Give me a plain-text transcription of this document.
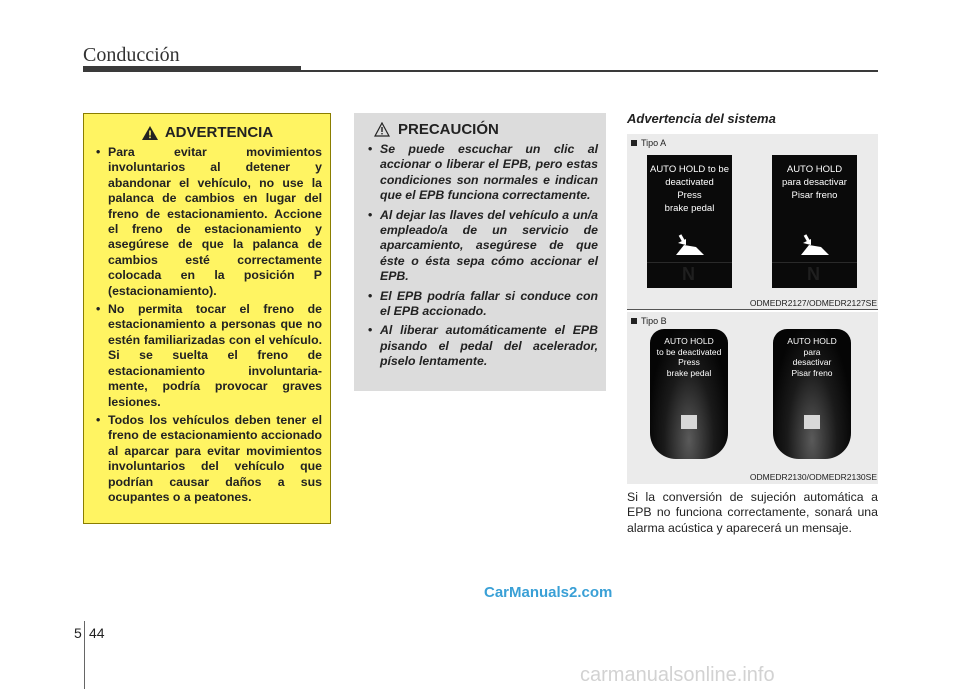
Conducción
ADVERTENCIA
• Para evitar movimientos involuntarios al detener y abandonar el vehículo, no use la palanca de cambios en lugar del freno de estacionamiento. Accione el freno de estacionamiento y asegúrese de que la palanca de cambios esté correctamente colocada en la posición P (estacionamiento).
• No permita tocar el freno de estacionamiento a personas que no estén familiarizadas con el vehículo. Si se suelta el freno de estacionamiento involuntaria- mente, podría provocar graves lesiones.
• Todos los vehículos deben tener el freno de estacionamiento accionado al aparcar para evitar movimientos involuntarios del vehículo que podrían causar daños a sus ocupantes o a peatones.
PRECAUCIÓN
• Se puede escuchar un clic al accionar o liberar el EPB, pero estas condiciones son normales e indican que el EPB funciona correctamente.
• Al dejar las llaves del vehículo a un/a empleado/a de un servicio de aparcamiento, asegúrese de que éste o ésta sepa cómo accionar el EPB.
• El EPB podría fallar si conduce con el EPB accionado.
• Al liberar automáticamente el EPB pisando el pedal del acelerador, píselo lentamente.
Advertencia del sistema
Tipo A
AUTO HOLD to be
deactivated
Press
brake pedal
N
AUTO HOLD
para desactivar
Pisar freno
N
ODMEDR2127/ODMEDR2127SE
Tipo B
AUTO HOLD
to be deactivated
Press
brake pedal
AUTO HOLD
para
desactivar
Pisar freno
ODMEDR2130/ODMEDR2130SE
Si la conversión de sujeción automática a EPB no funciona correctamente, sonará una alarma acústica y aparecerá un mensaje.
CarManuals2.com
5 44
carmanualsonline.info
